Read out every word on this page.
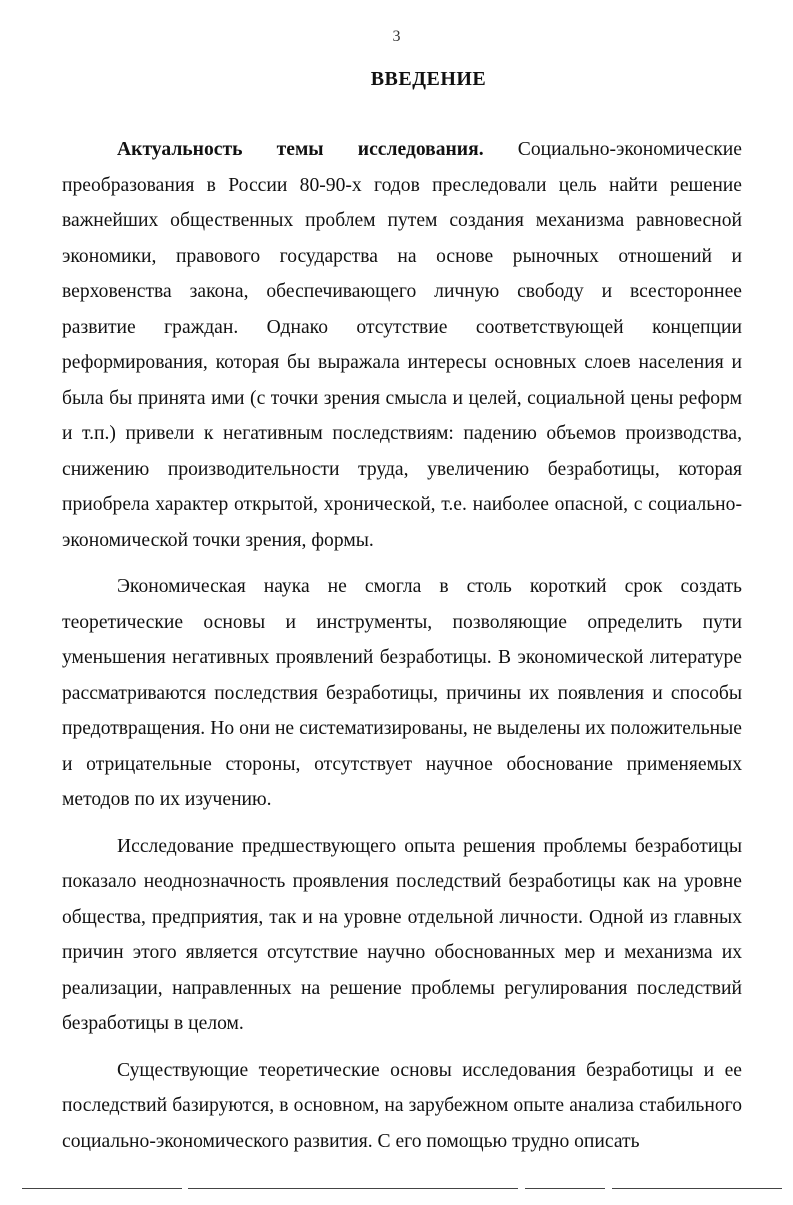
3
ВВЕДЕНИЕ

Актуальность темы исследования. Социально-экономические преобразования в России 80-90-х годов преследовали цель найти решение важнейших общественных проблем путем создания механизма равновесной экономики, правового государства на основе рыночных отношений и верховенства закона, обеспечивающего личную свободу и всестороннее развитие граждан. Однако отсутствие соответствующей концепции реформирования, которая бы выражала интересы основных слоев населения и была бы принята ими (с точки зрения смысла и целей, социальной цены реформ и т.п.) привели к негативным последствиям: падению объемов производства, снижению производительности труда, увеличению безработицы, которая приобрела характер открытой, хронической, т.е. наиболее опасной, с социально-экономической точки зрения, формы.

Экономическая наука не смогла в столь короткий срок создать теоретические основы и инструменты, позволяющие определить пути уменьшения негативных проявлений безработицы. В экономической литературе рассматриваются последствия безработицы, причины их появления и способы предотвращения. Но они не систематизированы, не выделены их положительные и отрицательные стороны, отсутствует научное обоснование применяемых методов по их изучению.

Исследование предшествующего опыта решения проблемы безработицы показало неоднозначность проявления последствий безработицы как на уровне общества, предприятия, так и на уровне отдельной личности. Одной из главных причин этого является отсутствие научно обоснованных мер и механизма их реализации, направленных на решение проблемы регулирования последствий безработицы в целом.

Существующие теоретические основы исследования безработицы и ее последствий базируются, в основном, на зарубежном опыте анализа стабильного социально-экономического развития. С его помощью трудно описать
